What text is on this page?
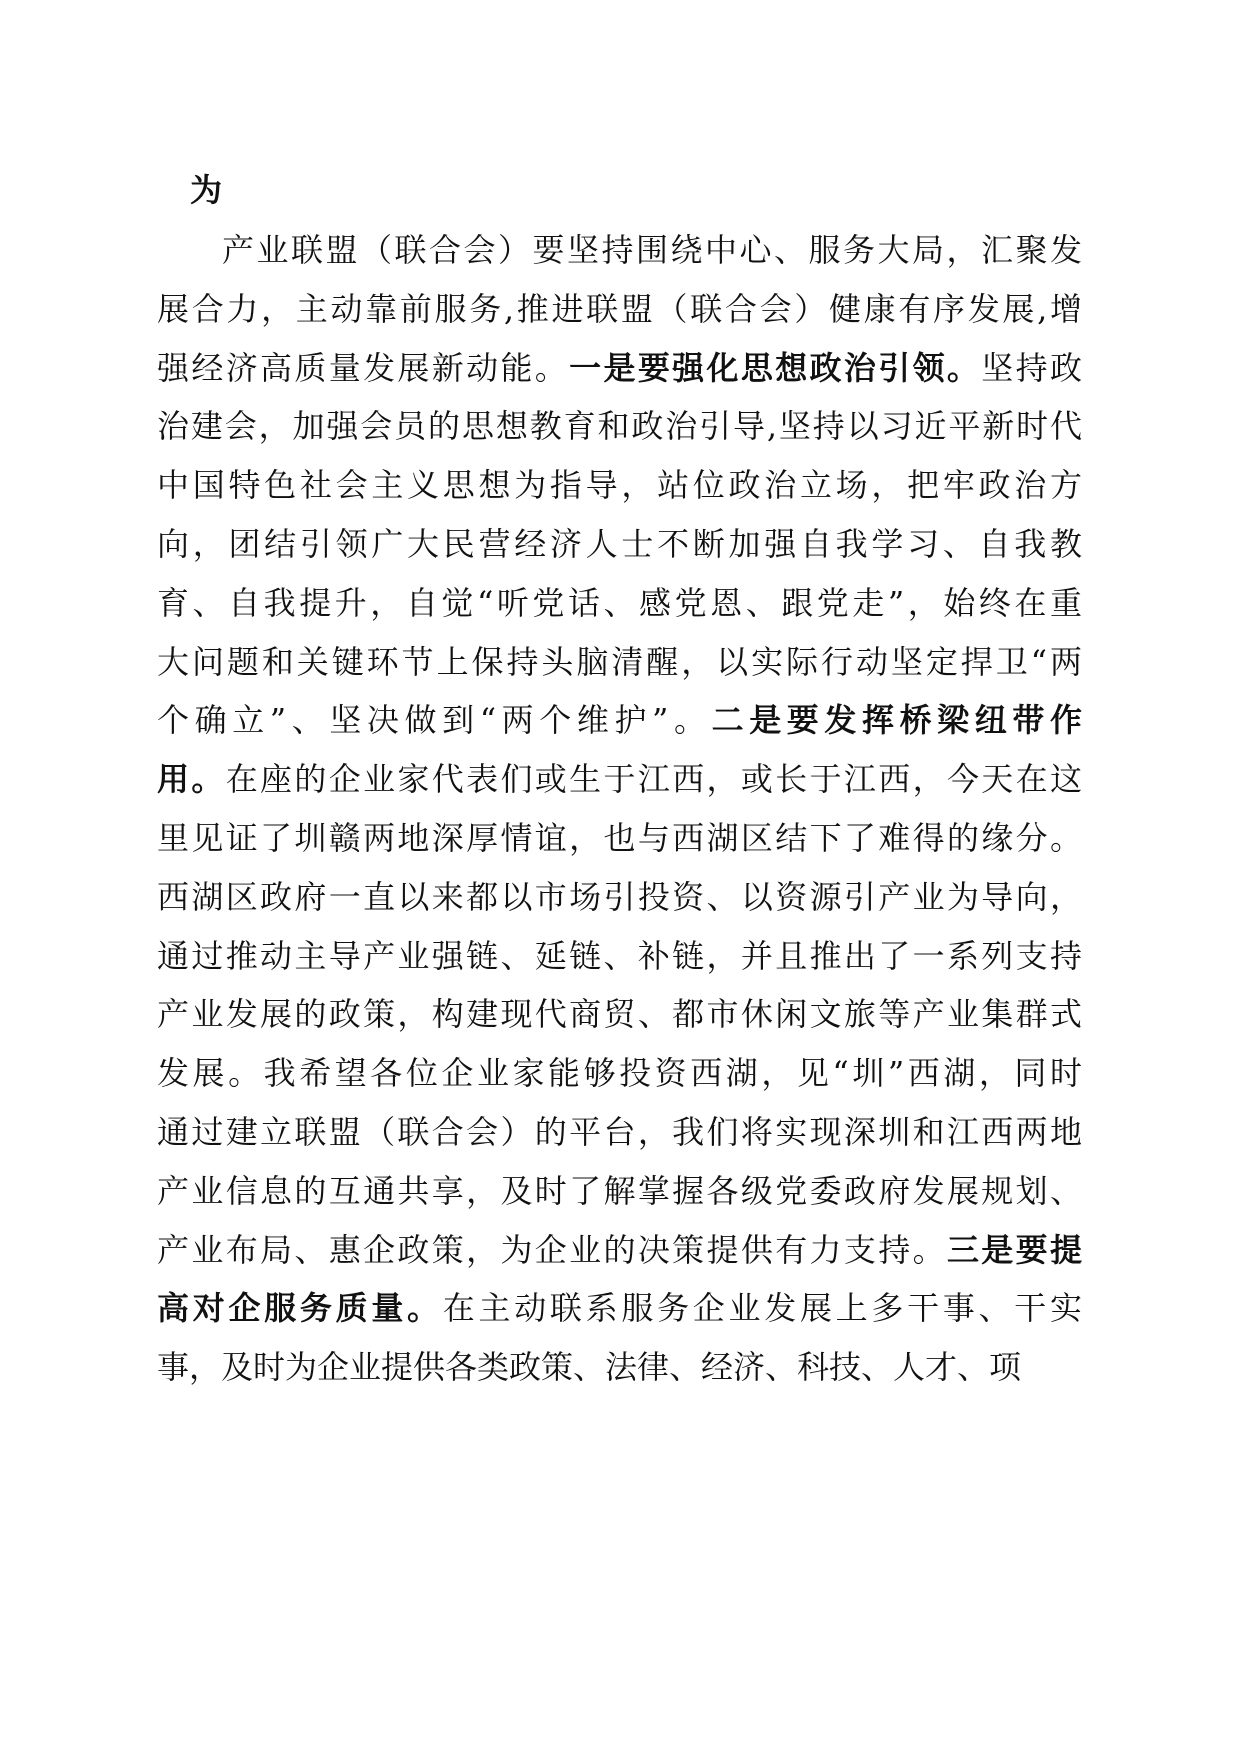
为
产业联盟（联合会）要坚持围绕中心、服务大局，汇聚发
展合力，主动靠前服务,推进联盟（联合会）健康有序发展,增
强经济高质量发展新动能。一是要强化思想政治引领。坚持政
治建会，加强会员的思想教育和政治引导,坚持以习近平新时代
中国特色社会主义思想为指导，站位政治立场，把牢政治方
向，团结引领广大民营经济人士不断加强自我学习、自我教
育、自我提升，自觉“听党话、感党恩、跟党走”，始终在重
大问题和关键环节上保持头脑清醒，以实际行动坚定捍卫“两
个确立”、坚决做到“两个维护”。二是要发挥桥梁纽带作
用。在座的企业家代表们或生于江西，或长于江西，今天在这
里见证了圳赣两地深厚情谊，也与西湖区结下了难得的缘分。
西湖区政府一直以来都以市场引投资、以资源引产业为导向，
通过推动主导产业强链、延链、补链，并且推出了一系列支持
产业发展的政策，构建现代商贸、都市休闲文旅等产业集群式
发展。我希望各位企业家能够投资西湖，见“圳”西湖，同时
通过建立联盟（联合会）的平台，我们将实现深圳和江西两地
产业信息的互通共享，及时了解掌握各级党委政府发展规划、
产业布局、惠企政策，为企业的决策提供有力支持。三是要提
高对企服务质量。在主动联系服务企业发展上多干事、干实
事，及时为企业提供各类政策、法律、经济、科技、人才、项
